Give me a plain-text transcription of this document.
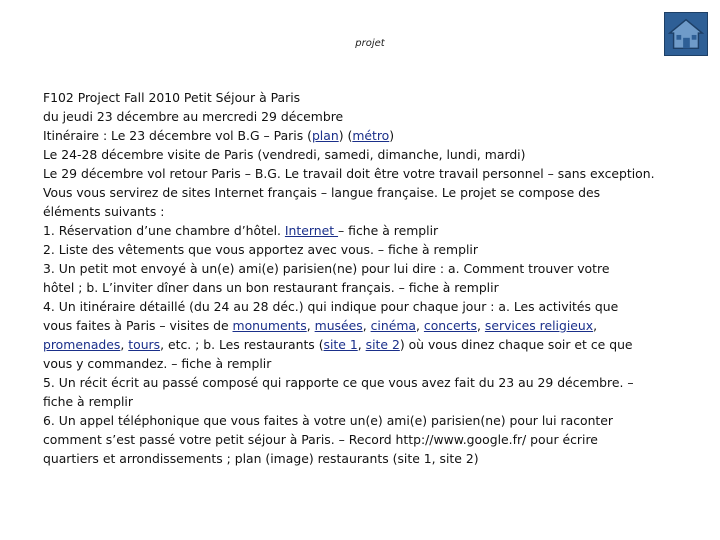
projet
F102 Project Fall 2010 Petit Séjour à Paris
du jeudi 23 décembre au mercredi 29 décembre
Itinéraire : Le 23 décembre vol B.G – Paris (plan) (métro)
Le 24-28 décembre visite de Paris (vendredi, samedi, dimanche, lundi, mardi)
Le 29 décembre vol retour Paris – B.G. Le travail doit être votre travail personnel – sans exception.
Vous vous servirez de sites Internet français – langue française. Le projet se compose des
éléments suivants :
1. Réservation d’une chambre d’hôtel. Internet – fiche à remplir
2. Liste des vêtements que vous apportez avec vous. – fiche à remplir
3. Un petit mot envoyé à un(e) ami(e) parisien(ne) pour lui dire : a. Comment trouver votre
hôtel ; b. L’inviter dîner dans un bon restaurant français. – fiche à remplir
4. Un itinéraire détaillé (du 24 au 28 déc.) qui indique pour chaque jour : a. Les activités que
vous faites à Paris – visites de monuments, musées, cinéma, concerts, services religieux,
promenades, tours, etc. ; b. Les restaurants (site 1, site 2) où vous dinez chaque soir et ce que
vous y commandez. – fiche à remplir
5. Un récit écrit au passé composé qui rapporte ce que vous avez fait du 23 au 29 décembre. –
fiche à remplir
6. Un appel téléphonique que vous faites à votre un(e) ami(e) parisien(ne) pour lui raconter
comment s’est passé votre petit séjour à Paris. – Record http://www.google.fr/ pour écrire
quartiers et arrondissements ; plan (image) restaurants (site 1, site 2)
